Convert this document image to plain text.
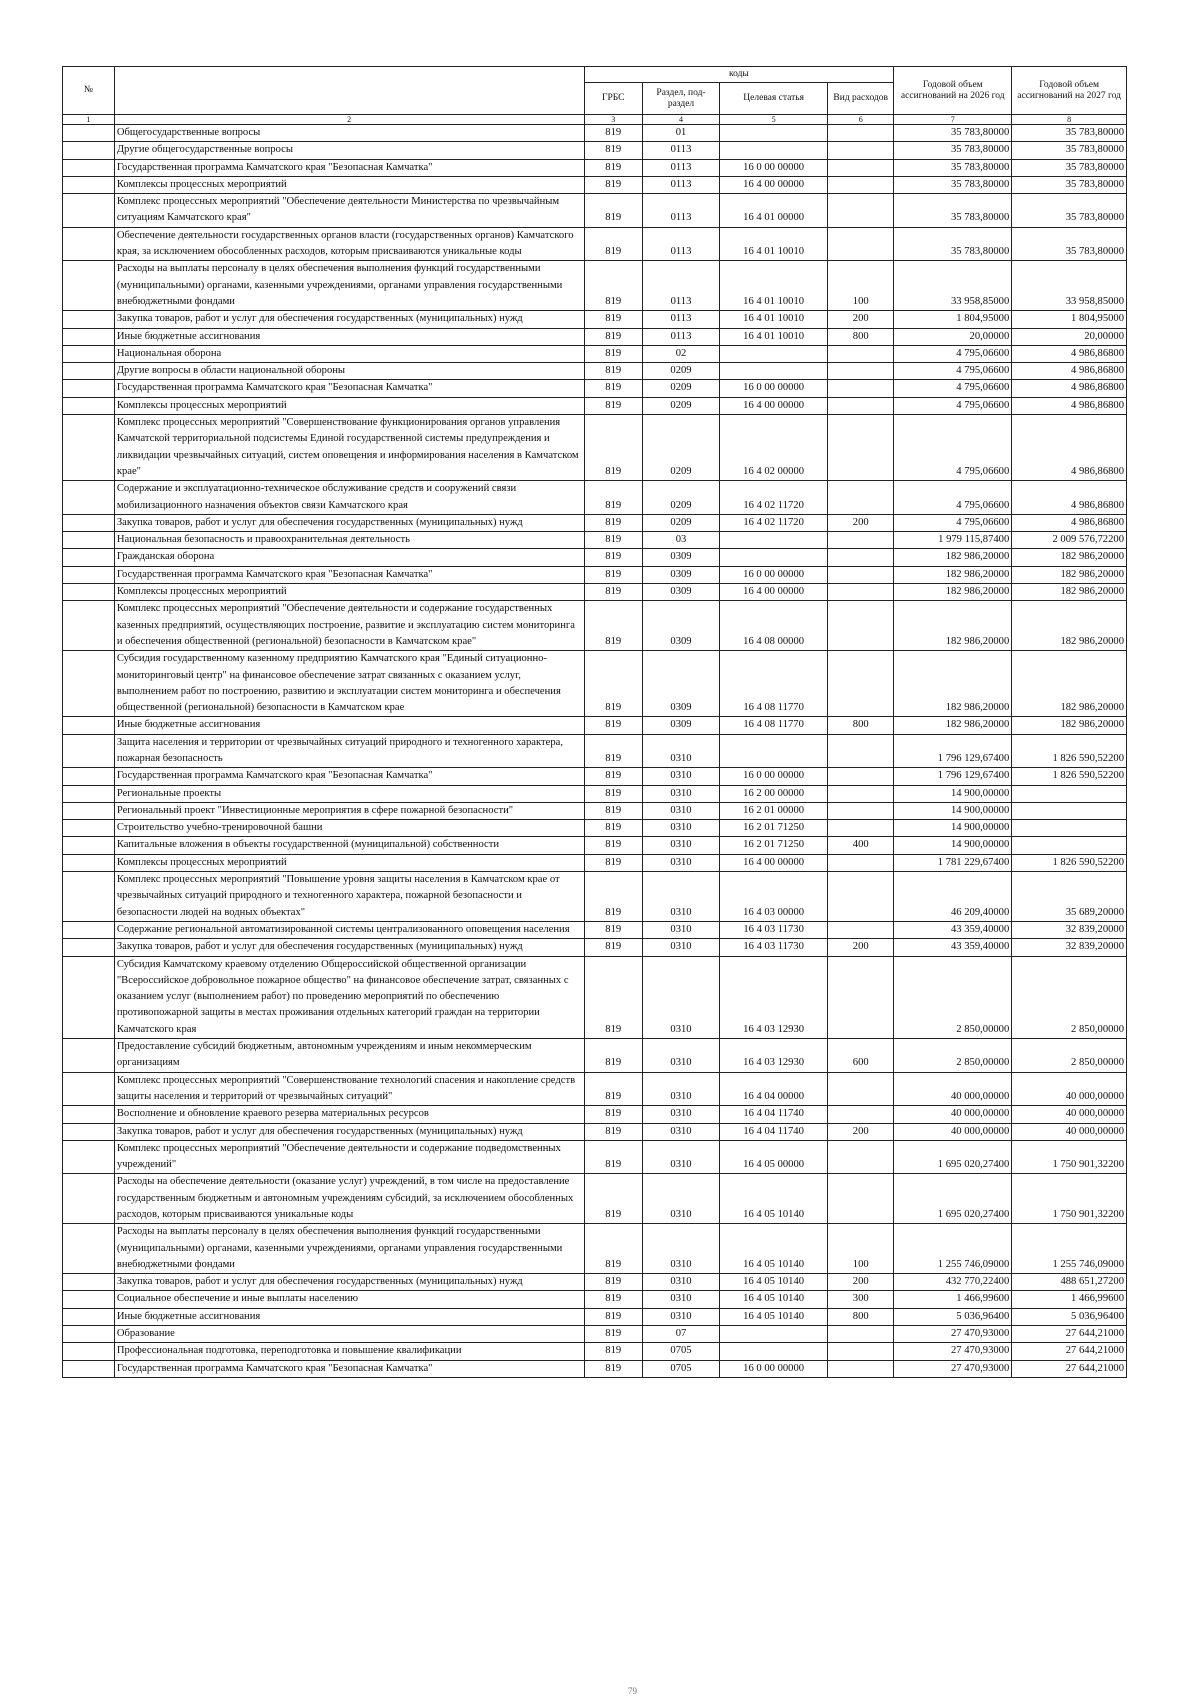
№		коды				Годовой объем ассигнований на 2026 год	Годовой объем ассигнований на 2027 год
		ГРБС	Раздел, под-раздел	Целевая статья	Вид расходов		
1	2	3	4	5	6	7	8
	Общегосударственные вопросы	819	01			35 783,80000	35 783,80000
	Другие общегосударственные вопросы	819	0113			35 783,80000	35 783,80000
	Государственная программа Камчатского края "Безопасная Камчатка"	819	0113	16 0 00 00000		35 783,80000	35 783,80000
	Комплексы процессных мероприятий	819	0113	16 4 00 00000		35 783,80000	35 783,80000
	Комплекс процессных мероприятий "Обеспечение деятельности Министерства по чрезвычайным ситуациям Камчатского края"	819	0113	16 4 01 00000		35 783,80000	35 783,80000
	Обеспечение деятельности государственных органов власти (государственных органов) Камчатского края, за исключением обособленных расходов, которым присваиваются уникальные коды	819	0113	16 4 01 10010		35 783,80000	35 783,80000
	Расходы на выплаты персоналу в целях обеспечения выполнения функций государственными (муниципальными) органами, казенными учреждениями, органами управления государственными внебюджетными фондами	819	0113	16 4 01 10010	100	33 958,85000	33 958,85000
	Закупка товаров, работ и услуг для обеспечения государственных (муниципальных) нужд	819	0113	16 4 01 10010	200	1 804,95000	1 804,95000
	Иные бюджетные ассигнования	819	0113	16 4 01 10010	800	20,00000	20,00000
	Национальная оборона	819	02			4 795,06600	4 986,86800
	Другие вопросы в области национальной обороны	819	0209			4 795,06600	4 986,86800
	Государственная программа Камчатского края "Безопасная Камчатка"	819	0209	16 0 00 00000		4 795,06600	4 986,86800
	Комплексы процессных мероприятий	819	0209	16 4 00 00000		4 795,06600	4 986,86800
	Комплекс процессных мероприятий "Совершенствование функционирования органов управления Камчатской территориальной подсистемы Единой государственной системы предупреждения и ликвидации чрезвычайных ситуаций, систем оповещения и информирования населения в Камчатском крае"	819	0209	16 4 02 00000		4 795,06600	4 986,86800
	Содержание и эксплуатационно-техническое обслуживание средств и сооружений связи мобилизационного назначения объектов связи Камчатского края	819	0209	16 4 02 11720		4 795,06600	4 986,86800
	Закупка товаров, работ и услуг для обеспечения государственных (муниципальных) нужд	819	0209	16 4 02 11720	200	4 795,06600	4 986,86800
	Национальная безопасность и правоохранительная деятельность	819	03			1 979 115,87400	2 009 576,72200
	Гражданская оборона	819	0309			182 986,20000	182 986,20000
	Государственная программа Камчатского края "Безопасная Камчатка"	819	0309	16 0 00 00000		182 986,20000	182 986,20000
	Комплексы процессных мероприятий	819	0309	16 4 00 00000		182 986,20000	182 986,20000
	Комплекс процессных мероприятий "Обеспечение деятельности и содержание государственных казенных предприятий, осуществляющих построение, развитие и эксплуатацию систем мониторинга и обеспечения общественной (региональной) безопасности в Камчатском крае"	819	0309	16 4 08 00000		182 986,20000	182 986,20000
	Субсидия государственному казенному предприятию Камчатского края "Единый ситуационно-мониторинговый центр" на финансовое обеспечение затрат связанных с оказанием услуг, выполнением работ по построению, развитию и эксплуатации систем мониторинга и обеспечения общественной (региональной) безопасности в Камчатском крае	819	0309	16 4 08 11770		182 986,20000	182 986,20000
	Иные бюджетные ассигнования	819	0309	16 4 08 11770	800	182 986,20000	182 986,20000
	Защита населения и территории от чрезвычайных ситуаций природного и техногенного характера, пожарная безопасность	819	0310			1 796 129,67400	1 826 590,52200
	Государственная программа Камчатского края "Безопасная Камчатка"	819	0310	16 0 00 00000		1 796 129,67400	1 826 590,52200
	Региональные проекты	819	0310	16 2 00 00000		14 900,00000	
	Региональный проект "Инвестиционные мероприятия в сфере пожарной безопасности"	819	0310	16 2 01 00000		14 900,00000	
	Строительство учебно-тренировочной башни	819	0310	16 2 01 71250		14 900,00000	
	Капитальные вложения в объекты государственной (муниципальной) собственности	819	0310	16 2 01 71250	400	14 900,00000	
	Комплексы процессных мероприятий	819	0310	16 4 00 00000		1 781 229,67400	1 826 590,52200
	Комплекс процессных мероприятий "Повышение уровня защиты населения в Камчатском крае от чрезвычайных ситуаций природного и техногенного характера, пожарной безопасности и безопасности людей на водных объектах"	819	0310	16 4 03 00000		46 209,40000	35 689,20000
	Содержание региональной автоматизированной системы централизованного оповещения населения	819	0310	16 4 03 11730		43 359,40000	32 839,20000
	Закупка товаров, работ и услуг для обеспечения государственных (муниципальных) нужд	819	0310	16 4 03 11730	200	43 359,40000	32 839,20000
	Субсидия Камчатскому краевому отделению Общероссийской общественной организации "Всероссийское добровольное пожарное общество" на финансовое обеспечение затрат, связанных с оказанием услуг (выполнением работ) по проведению мероприятий по обеспечению противопожарной защиты в местах проживания отдельных категорий граждан на территории Камчатского края	819	0310	16 4 03 12930		2 850,00000	2 850,00000
	Предоставление субсидий бюджетным, автономным учреждениям и иным некоммерческим организациям	819	0310	16 4 03 12930	600	2 850,00000	2 850,00000
	Комплекс процессных мероприятий "Совершенствование технологий спасения и накопление средств защиты населения и территорий от чрезвычайных ситуаций"	819	0310	16 4 04 00000		40 000,00000	40 000,00000
	Восполнение и обновление краевого резерва материальных ресурсов	819	0310	16 4 04 11740		40 000,00000	40 000,00000
	Закупка товаров, работ и услуг для обеспечения государственных (муниципальных) нужд	819	0310	16 4 04 11740	200	40 000,00000	40 000,00000
	Комплекс процессных мероприятий "Обеспечение деятельности и содержание подведомственных учреждений"	819	0310	16 4 05 00000		1 695 020,27400	1 750 901,32200
	Расходы на обеспечение деятельности (оказание услуг) учреждений, в том числе на предоставление государственным бюджетным и автономным учреждениям субсидий, за исключением обособленных расходов, которым присваиваются уникальные коды	819	0310	16 4 05 10140		1 695 020,27400	1 750 901,32200
	Расходы на выплаты персоналу в целях обеспечения выполнения функций государственными (муниципальными) органами, казенными учреждениями, органами управления государственными внебюджетными фондами	819	0310	16 4 05 10140	100	1 255 746,09000	1 255 746,09000
	Закупка товаров, работ и услуг для обеспечения государственных (муниципальных) нужд	819	0310	16 4 05 10140	200	432 770,22400	488 651,27200
	Социальное обеспечение и иные выплаты населению	819	0310	16 4 05 10140	300	1 466,99600	1 466,99600
	Иные бюджетные ассигнования	819	0310	16 4 05 10140	800	5 036,96400	5 036,96400
	Образование	819	07			27 470,93000	27 644,21000
	Профессиональная подготовка, переподготовка и повышение квалификации	819	0705			27 470,93000	27 644,21000
	Государственная программа Камчатского края "Безопасная Камчатка"	819	0705	16 0 00 00000		27 470,93000	27 644,21000
79
